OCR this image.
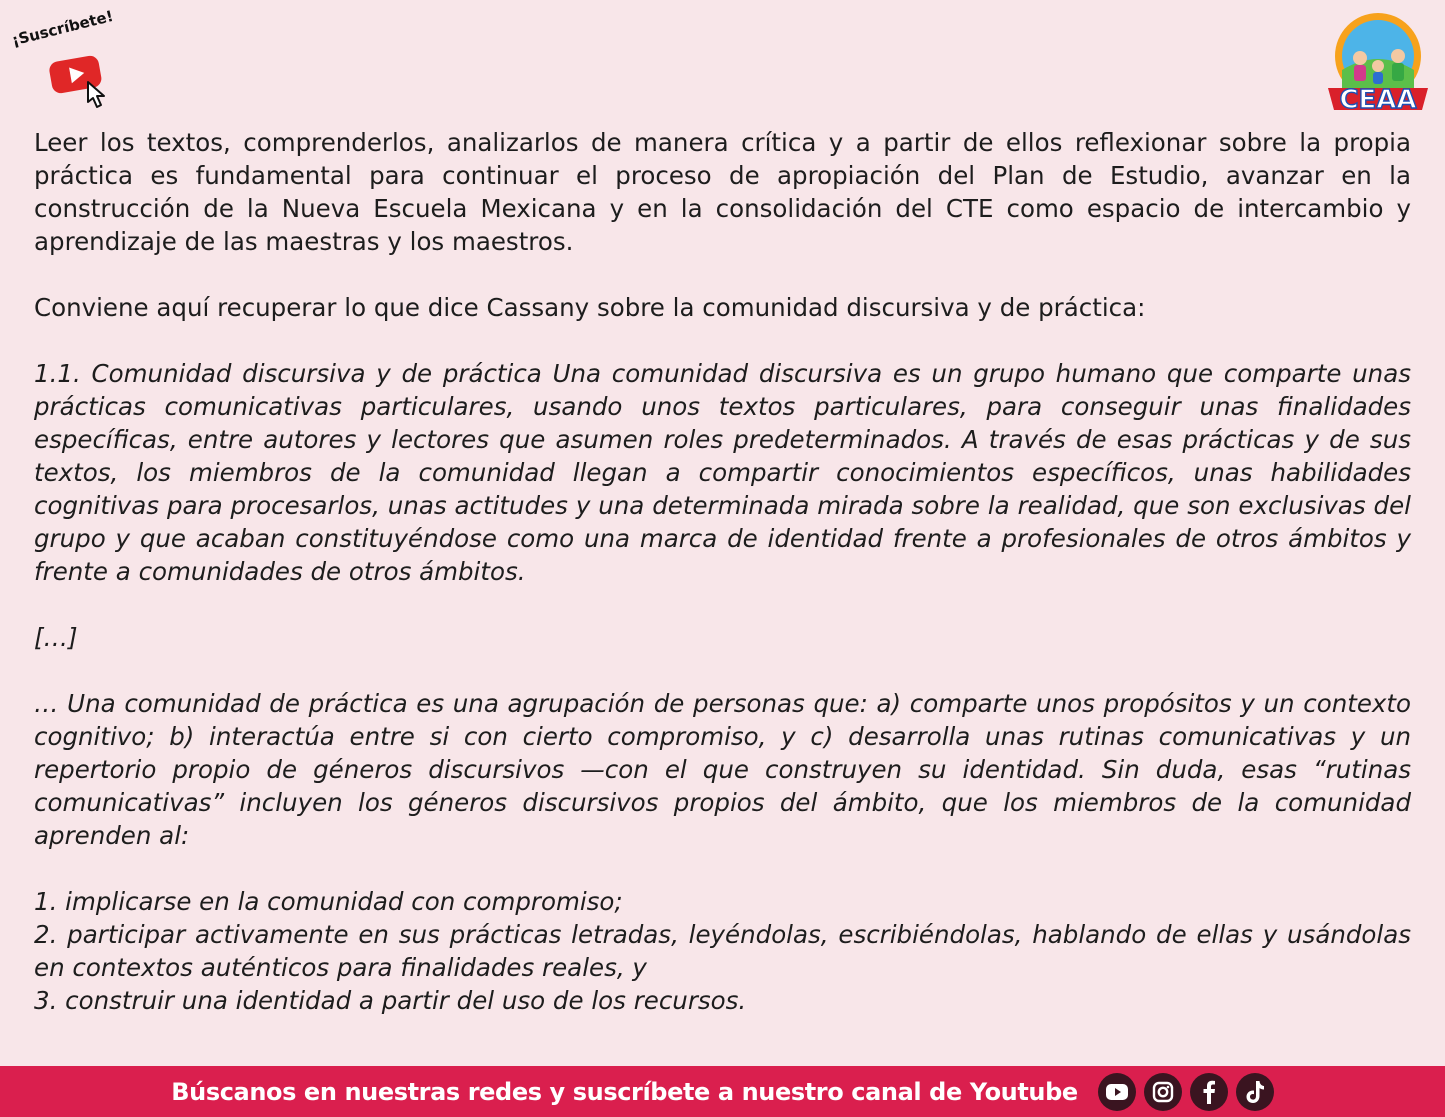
¡Suscríbete!
CEAA

Leer los textos, comprenderlos, analizarlos de manera crítica y a partir de ellos reflexionar sobre la propia práctica es fundamental para continuar el proceso de apropiación del Plan de Estudio, avanzar en la construcción de la Nueva Escuela Mexicana y en la consolidación del CTE como espacio de intercambio y aprendizaje de las maestras y los maestros.

Conviene aquí recuperar lo que dice Cassany sobre la comunidad discursiva y de práctica:

1.1. Comunidad discursiva y de práctica Una comunidad discursiva es un grupo humano que comparte unas prácticas comunicativas particulares, usando unos textos particulares, para conseguir unas finalidades específicas, entre autores y lectores que asumen roles predeterminados. A través de esas prácticas y de sus textos, los miembros de la comunidad llegan a compartir conocimientos específicos, unas habilidades cognitivas para procesarlos, unas actitudes y una determinada mirada sobre la realidad, que son exclusivas del grupo y que acaban constituyéndose como una marca de identidad frente a profesionales de otros ámbitos y frente a comunidades de otros ámbitos.

[…]

… Una comunidad de práctica es una agrupación de personas que: a) comparte unos propósitos y un contexto cognitivo; b) interactúa entre si con cierto compromiso, y c) desarrolla unas rutinas comunicativas y un repertorio propio de géneros discursivos —con el que construyen su identidad. Sin duda, esas “rutinas comunicativas” incluyen los géneros discursivos propios del ámbito, que los miembros de la comunidad aprenden al:

1. implicarse en la comunidad con compromiso;

2. participar activamente en sus prácticas letradas, leyéndolas, escribiéndolas, hablando de ellas y usándolas en contextos auténticos para finalidades reales, y

3. construir una identidad a partir del uso de los recursos.

Búscanos en nuestras redes y suscríbete a nuestro canal de Youtube
